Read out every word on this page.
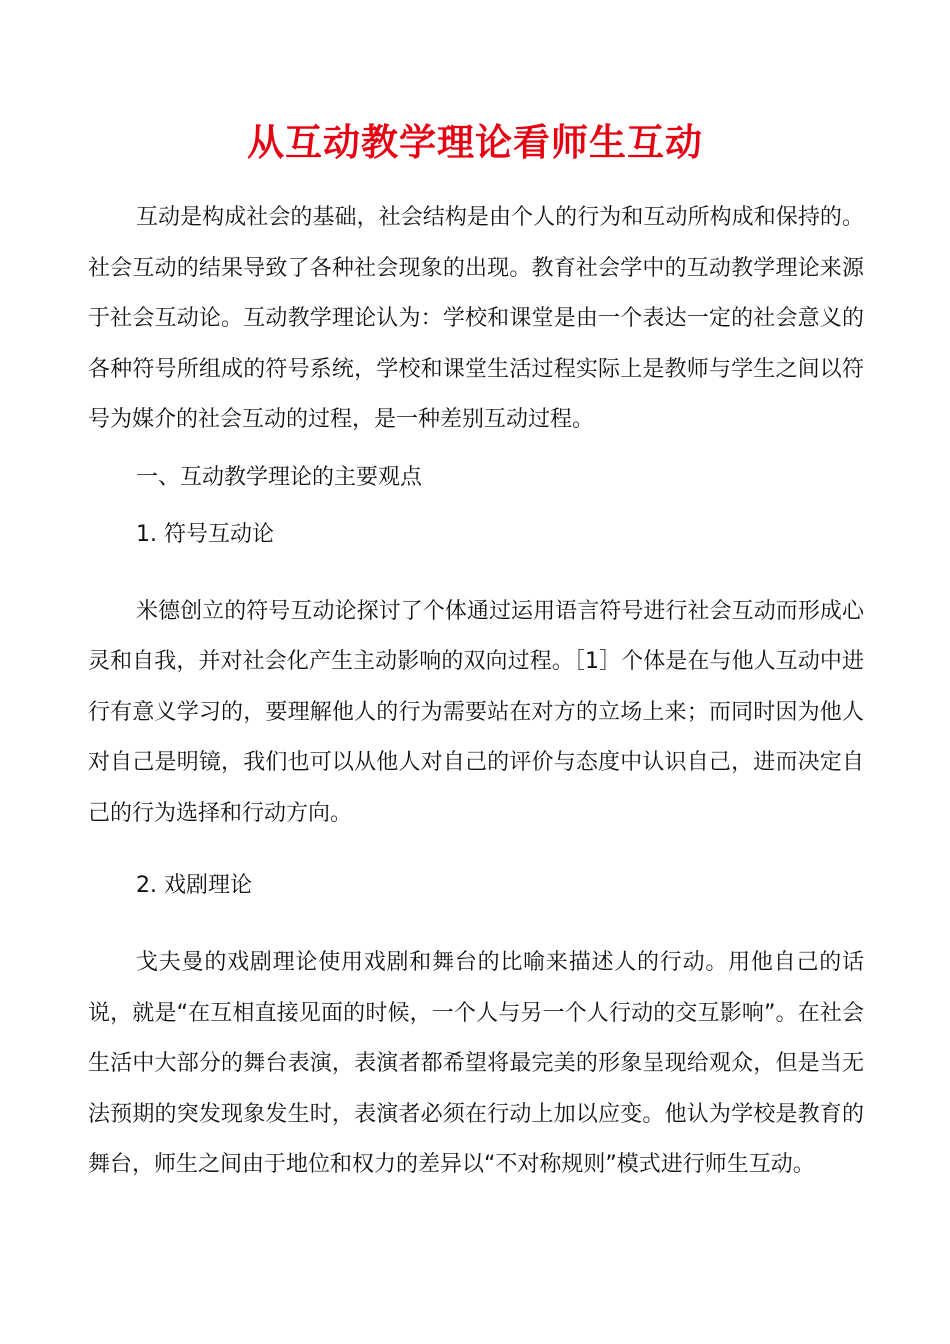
从互动教学理论看师生互动

互动是构成社会的基础，社会结构是由个人的行为和互动所构成和保持的。社会互动的结果导致了各种社会现象的出现。教育社会学中的互动教学理论来源于社会互动论。互动教学理论认为：学校和课堂是由一个表达一定的社会意义的各种符号所组成的符号系统，学校和课堂生活过程实际上是教师与学生之间以符号为媒介的社会互动的过程，是一种差别互动过程。

一、互动教学理论的主要观点

1. 符号互动论

米德创立的符号互动论探讨了个体通过运用语言符号进行社会互动而形成心灵和自我，并对社会化产生主动影响的双向过程。［1］个体是在与他人互动中进行有意义学习的，要理解他人的行为需要站在对方的立场上来；而同时因为他人对自己是明镜，我们也可以从他人对自己的评价与态度中认识自己，进而决定自己的行为选择和行动方向。

2. 戏剧理论

戈夫曼的戏剧理论使用戏剧和舞台的比喻来描述人的行动。用他自己的话说，就是“在互相直接见面的时候，一个人与另一个人行动的交互影响”。在社会生活中大部分的舞台表演，表演者都希望将最完美的形象呈现给观众，但是当无法预期的突发现象发生时，表演者必须在行动上加以应变。他认为学校是教育的舞台，师生之间由于地位和权力的差异以“不对称规则”模式进行师生互动。
